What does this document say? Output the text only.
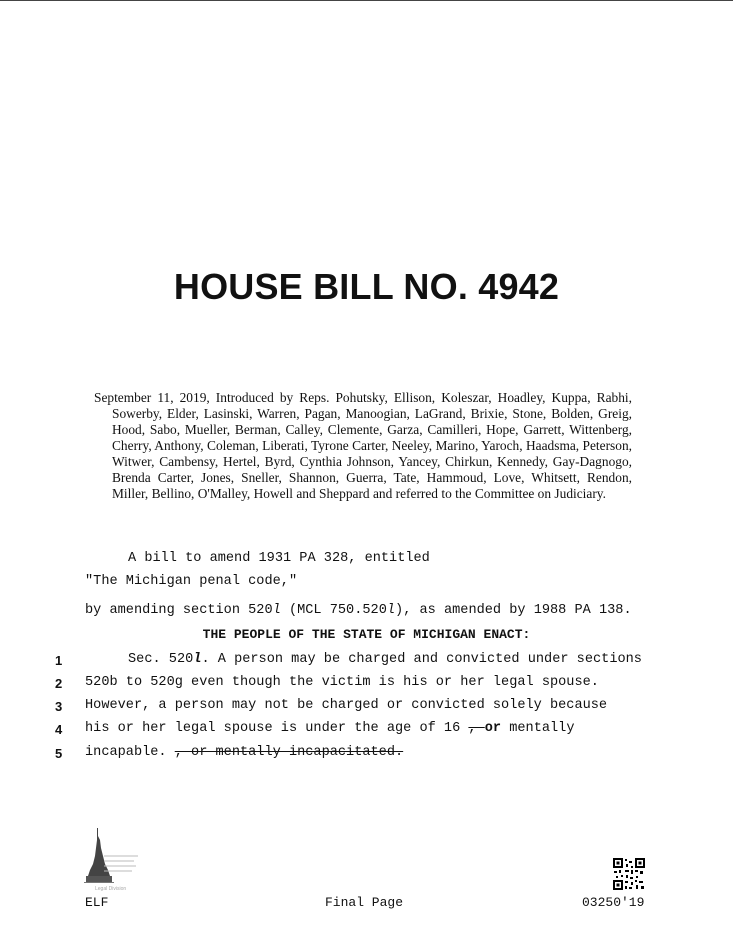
HOUSE BILL NO. 4942
September 11, 2019, Introduced by Reps. Pohutsky, Ellison, Koleszar, Hoadley, Kuppa, Rabhi, Sowerby, Elder, Lasinski, Warren, Pagan, Manoogian, LaGrand, Brixie, Stone, Bolden, Greig, Hood, Sabo, Mueller, Berman, Calley, Clemente, Garza, Camilleri, Hope, Garrett, Wittenberg, Cherry, Anthony, Coleman, Liberati, Tyrone Carter, Neeley, Marino, Yaroch, Haadsma, Peterson, Witwer, Cambensy, Hertel, Byrd, Cynthia Johnson, Yancey, Chirkun, Kennedy, Gay-Dagnogo, Brenda Carter, Jones, Sneller, Shannon, Guerra, Tate, Hammoud, Love, Whitsett, Rendon, Miller, Bellino, O'Malley, Howell and Sheppard and referred to the Committee on Judiciary.
A bill to amend 1931 PA 328, entitled
"The Michigan penal code,"
by amending section 520l (MCL 750.520l), as amended by 1988 PA 138.
THE PEOPLE OF THE STATE OF MICHIGAN ENACT:
1
2
3
4
5
Sec. 520l. A person may be charged and convicted under sections
520b to 520g even though the victim is his or her legal spouse.
However, a person may not be charged or convicted solely because
his or her legal spouse is under the age of 16 , or mentally
incapable. , or mentally incapacitated.
Legal Division
ELF	Final Page	03250'19
